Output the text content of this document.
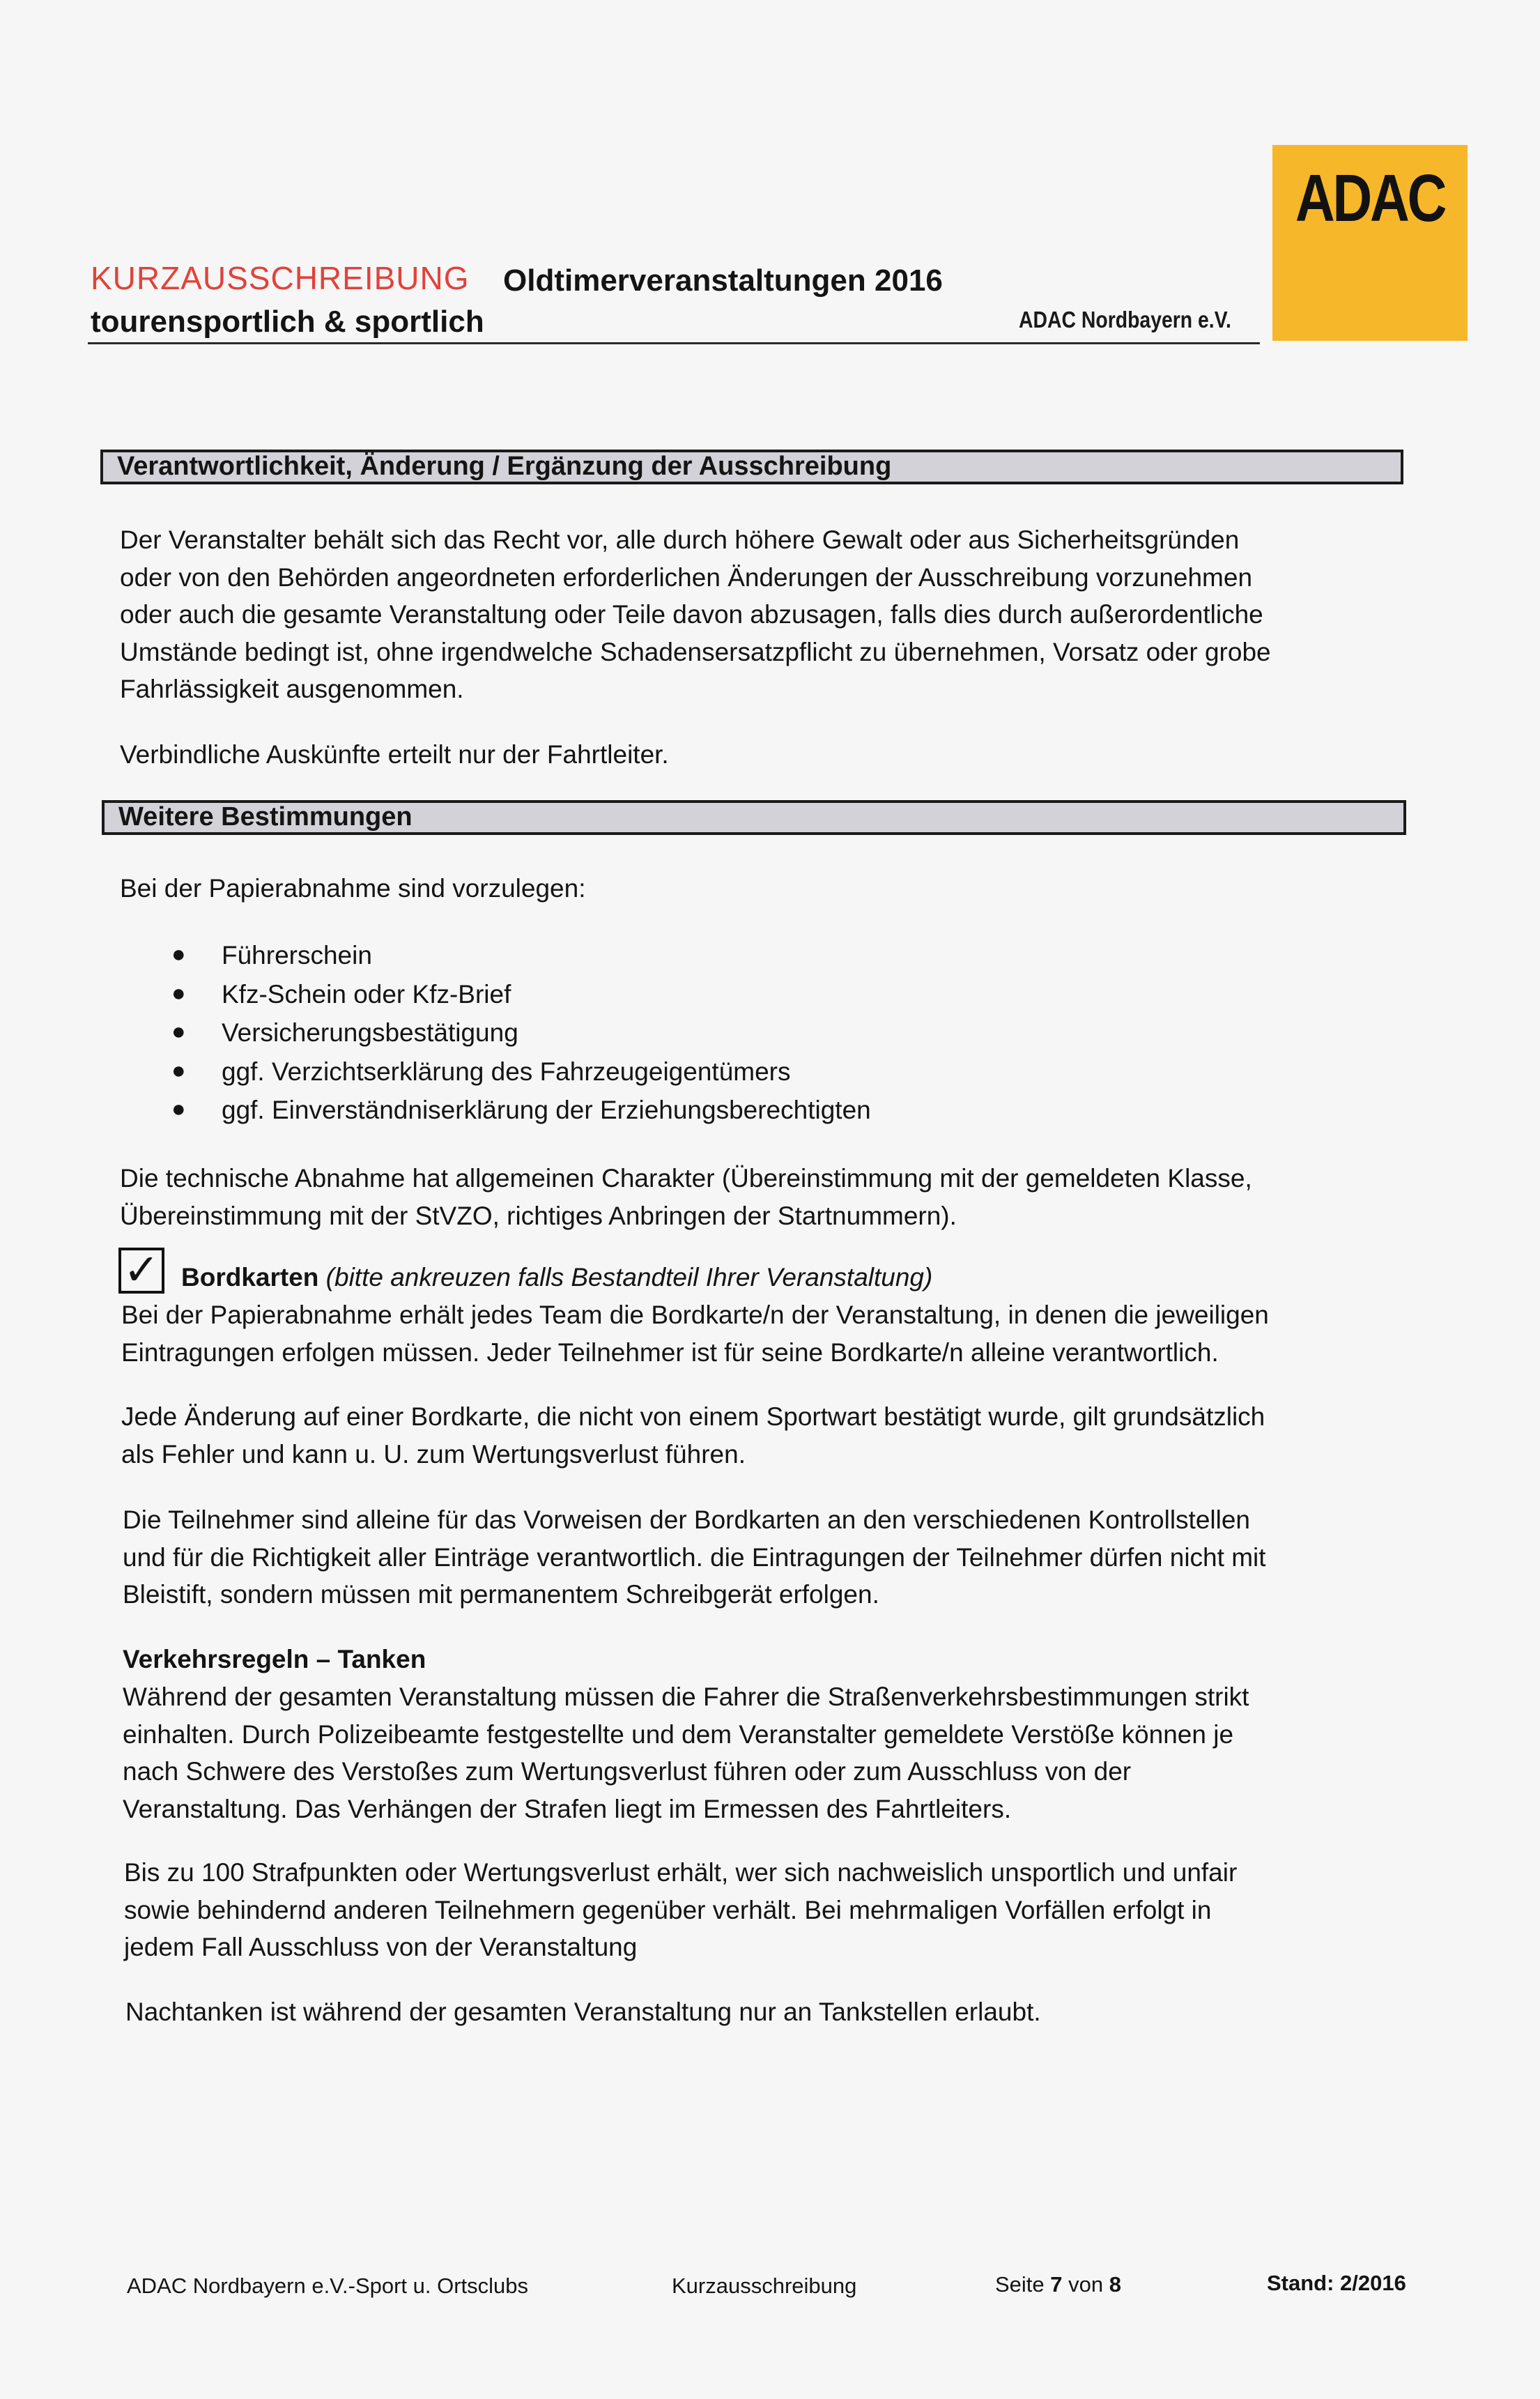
ADAC
KURZAUSSCHREIBUNG Oldtimerveranstaltungen 2016
tourensportlich & sportlich	ADAC Nordbayern e.V.
Verantwortlichkeit, Änderung / Ergänzung der Ausschreibung
Der Veranstalter behält sich das Recht vor, alle durch höhere Gewalt oder aus Sicherheitsgründen
oder von den Behörden angeordneten erforderlichen Änderungen der Ausschreibung vorzunehmen
oder auch die gesamte Veranstaltung oder Teile davon abzusagen, falls dies durch außerordentliche
Umstände bedingt ist, ohne irgendwelche Schadensersatzpflicht zu übernehmen, Vorsatz oder grobe
Fahrlässigkeit ausgenommen.
Verbindliche Auskünfte erteilt nur der Fahrtleiter.
Weitere Bestimmungen
Bei der Papierabnahme sind vorzulegen:
● Führerschein
● Kfz-Schein oder Kfz-Brief
● Versicherungsbestätigung
● ggf. Verzichtserklärung des Fahrzeugeigentümers
● ggf. Einverständniserklärung der Erziehungsberechtigten
Die technische Abnahme hat allgemeinen Charakter (Übereinstimmung mit der gemeldeten Klasse,
Übereinstimmung mit der StVZO, richtiges Anbringen der Startnummern).
✓ Bordkarten (bitte ankreuzen falls Bestandteil Ihrer Veranstaltung)
Bei der Papierabnahme erhält jedes Team die Bordkarte/n der Veranstaltung, in denen die jeweiligen
Eintragungen erfolgen müssen. Jeder Teilnehmer ist für seine Bordkarte/n alleine verantwortlich.
Jede Änderung auf einer Bordkarte, die nicht von einem Sportwart bestätigt wurde, gilt grundsätzlich
als Fehler und kann u. U. zum Wertungsverlust führen.
Die Teilnehmer sind alleine für das Vorweisen der Bordkarten an den verschiedenen Kontrollstellen
und für die Richtigkeit aller Einträge verantwortlich. die Eintragungen der Teilnehmer dürfen nicht mit
Bleistift, sondern müssen mit permanentem Schreibgerät erfolgen.
Verkehrsregeln – Tanken
Während der gesamten Veranstaltung müssen die Fahrer die Straßenverkehrsbestimmungen strikt
einhalten. Durch Polizeibeamte festgestellte und dem Veranstalter gemeldete Verstöße können je
nach Schwere des Verstoßes zum Wertungsverlust führen oder zum Ausschluss von der
Veranstaltung. Das Verhängen der Strafen liegt im Ermessen des Fahrtleiters.
Bis zu 100 Strafpunkten oder Wertungsverlust erhält, wer sich nachweislich unsportlich und unfair
sowie behindernd anderen Teilnehmern gegenüber verhält. Bei mehrmaligen Vorfällen erfolgt in
jedem Fall Ausschluss von der Veranstaltung
Nachtanken ist während der gesamten Veranstaltung nur an Tankstellen erlaubt.
ADAC Nordbayern e.V.-Sport u. Ortsclubs	Kurzausschreibung	Seite 7 von 8	Stand: 2/2016
